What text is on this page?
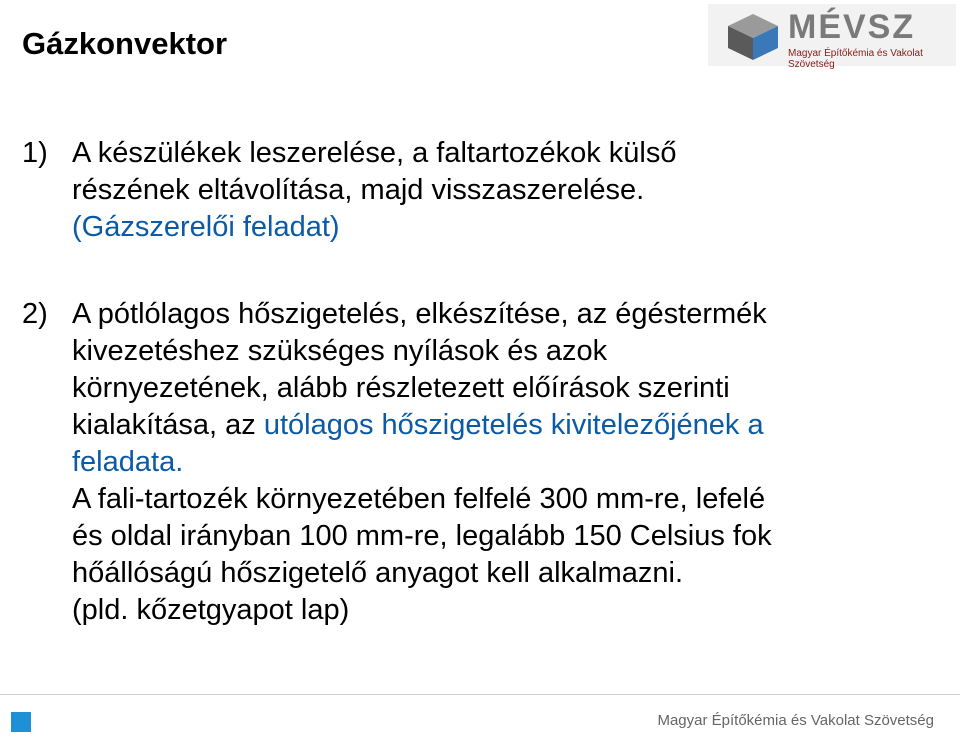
Gázkonvektor	MÉVSZ
Magyar Építőkémia és Vakolat Szövetség
1) A készülékek leszerelése, a faltartozékok külső
részének eltávolítása, majd visszaszerelése.
(Gázszerelői feladat)
2) A pótlólagos hőszigetelés, elkészítése, az égéstermék
kivezetéshez szükséges nyílások és azok
környezetének, alább részletezett előírások szerinti
kialakítása, az utólagos hőszigetelés kivitelezőjének a
feladata.
A fali-tartozék környezetében felfelé 300 mm-re, lefelé
és oldal irányban 100 mm-re, legalább 150 Celsius fok
hőállóságú hőszigetelő anyagot kell alkalmazni.
(pld. kőzetgyapot lap)
Magyar Építőkémia és Vakolat Szövetség
